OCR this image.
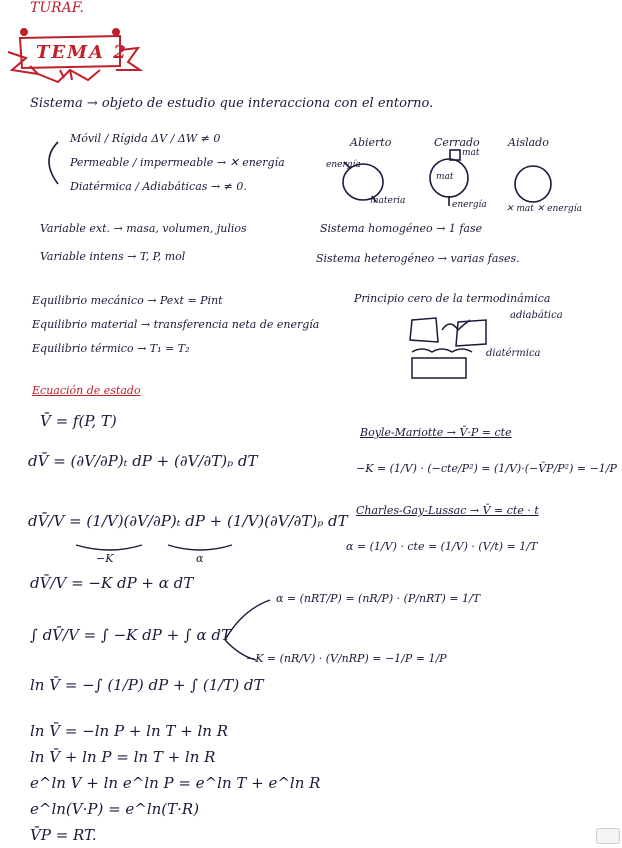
TURAF.
TEMA 2
Sistema → objeto de estudio que interacciona con el entorno.
Móvil / Rígida ΔV / ΔW ≠ 0
Permeable / impermeable → ✕ energía
Diatérmica / Adiabáticas → ≠ 0.
Variable ext. → masa, volumen, julios
Variable intens → T, P, mol
Abierto	Cerrado	Aislado
energía
materia
mat
mat
energía ✕ mat ✕ energía
Sistema homogéneo → 1 fase
Sistema heterogéneo → varias fases.
Equilibrio mecánico → Pext = Pint
Equilibrio material → transferencia neta de energía
Equilibrio térmico → T₁ = T₂
Principio cero de la termodinámica
adiabática
diatérmica
Ecuación de estado
V̄ = f(P, T)
dV̄ = (∂V/∂P)ₜ dP + (∂V/∂T)ₚ dT
dV̄/V = (1/V)(∂V/∂P)ₜ dP + (1/V)(∂V/∂T)ₚ dT
−K	α
dV̄/V = −K dP + α dT
∫ dV̄/V = ∫ −K dP + ∫ α dT
ln V̄ = −∫ (1/P) dP + ∫ (1/T) dT
ln V̄ = −ln P + ln T + ln R
ln V̄ + ln P = ln T + ln R
e^ln V + ln e^ln P = e^ln T + e^ln R
e^ln(V·P) = e^ln(T·R)
V̄P = RT.
Boyle-Mariotte → V̄·P = cte
−K = (1/V) · (−cte/P²) = (1/V)·(−V̄P/P²) = −1/P
Charles-Gay-Lussac → V̄ = cte · t
α = (1/V) · cte = (1/V) · (V/t) = 1/T
α = (nRT/P) = (nR/P) · (P/nRT) = 1/T
−K = (nR/V) · (V/nRP) = −1/P = 1/P
